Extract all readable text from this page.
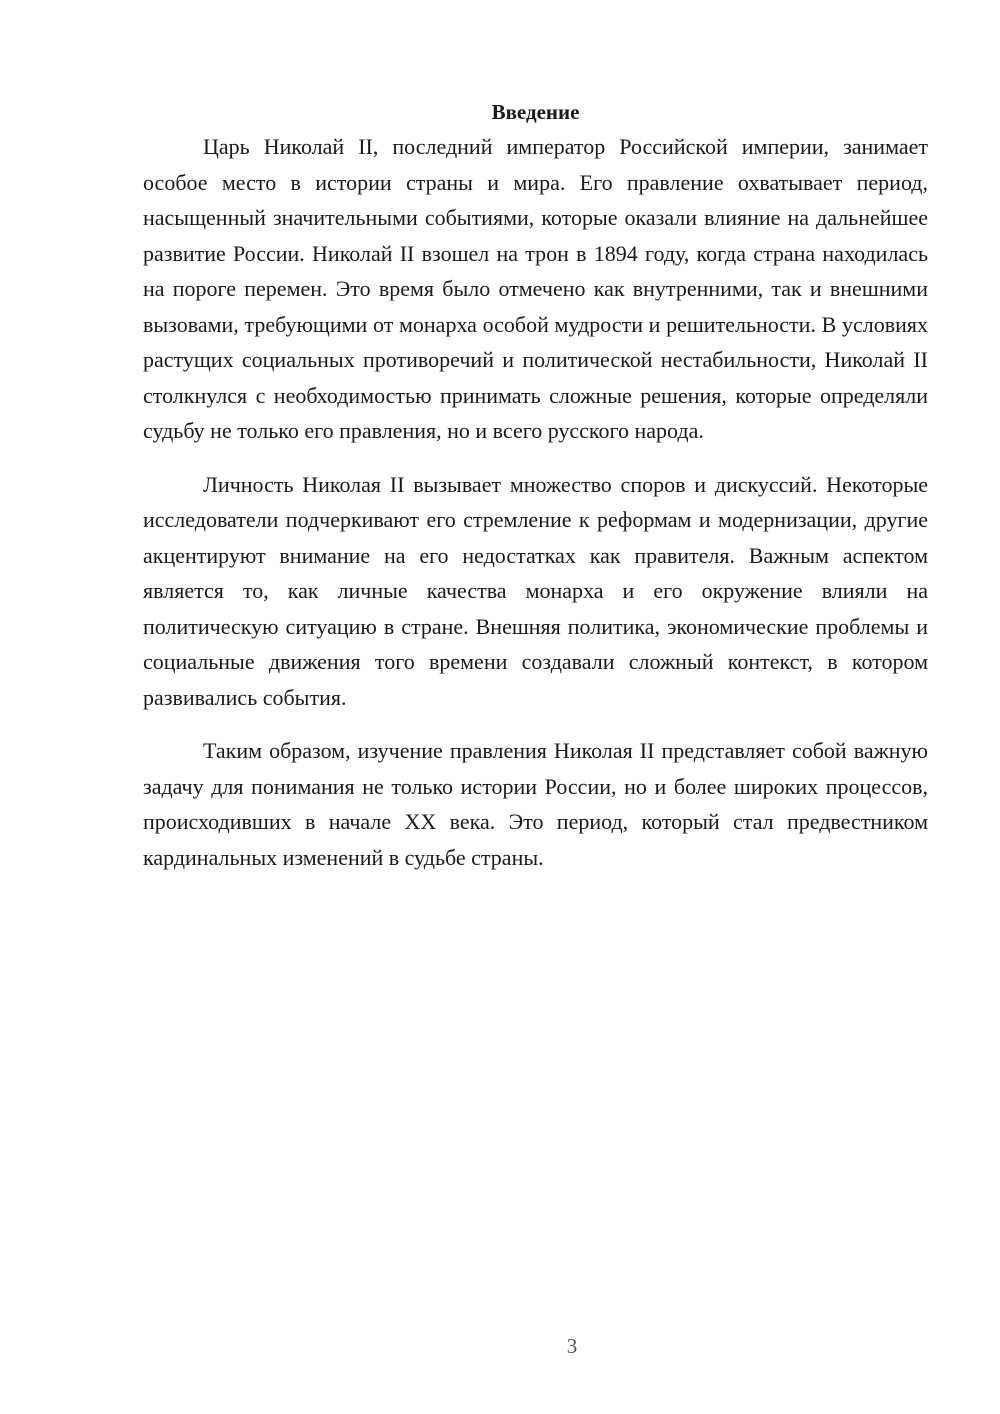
Введение

Царь Николай II, последний император Российской империи, занимает особое место в истории страны и мира. Его правление охватывает период, насыщенный значительными событиями, которые оказали влияние на дальнейшее развитие России. Николай II взошел на трон в 1894 году, когда страна находилась на пороге перемен. Это время было отмечено как внутренними, так и внешними вызовами, требующими от монарха особой мудрости и решительности. В условиях растущих социальных противоречий и политической нестабильности, Николай II столкнулся с необходимостью принимать сложные решения, которые определяли судьбу не только его правления, но и всего русского народа.

Личность Николая II вызывает множество споров и дискуссий. Некоторые исследователи подчеркивают его стремление к реформам и модернизации, другие акцентируют внимание на его недостатках как правителя. Важным аспектом является то, как личные качества монарха и его окружение влияли на политическую ситуацию в стране. Внешняя политика, экономические проблемы и социальные движения того времени создавали сложный контекст, в котором развивались события.

Таким образом, изучение правления Николая II представляет собой важную задачу для понимания не только истории России, но и более широких процессов, происходивших в начале XX века. Это период, который стал предвестником кардинальных изменений в судьбе страны.

3
